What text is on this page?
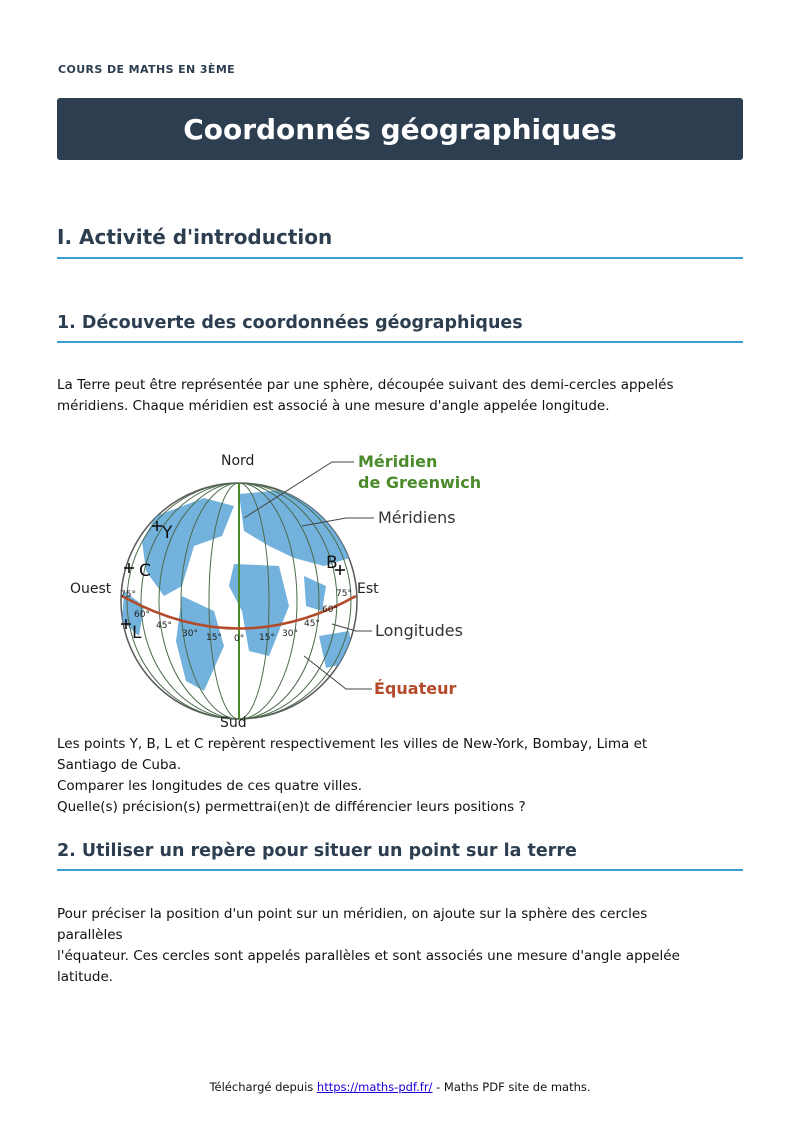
COURS DE MATHS EN 3ÈME
Coordonnés géographiques
I. Activité d'introduction
1. Découverte des coordonnées géographiques
La Terre peut être représentée par une sphère, découpée suivant des demi-cercles appelés
méridiens. Chaque méridien est associé à une mesure d'angle appelée longitude.
Y
C
L
B
75°
60°
45°
30° 15° 0° 15° 30°
45°
60°
75°
Nord
Sud
Ouest	Est
Méridien
de Greenwich
Méridiens
Longitudes
Équateur
Les points Y, B, L et C repèrent respectivement les villes de New-York, Bombay, Lima et
Santiago de Cuba.
Comparer les longitudes de ces quatre villes.
Quelle(s) précision(s) permettrai(en)t de différencier leurs positions ?
2. Utiliser un repère pour situer un point sur la terre
Pour préciser la position d'un point sur un méridien, on ajoute sur la sphère des cercles
parallèles
l'équateur. Ces cercles sont appelés parallèles et sont associés une mesure d'angle appelée
latitude.
Téléchargé depuis https://maths-pdf.fr/ - Maths PDF site de maths.
